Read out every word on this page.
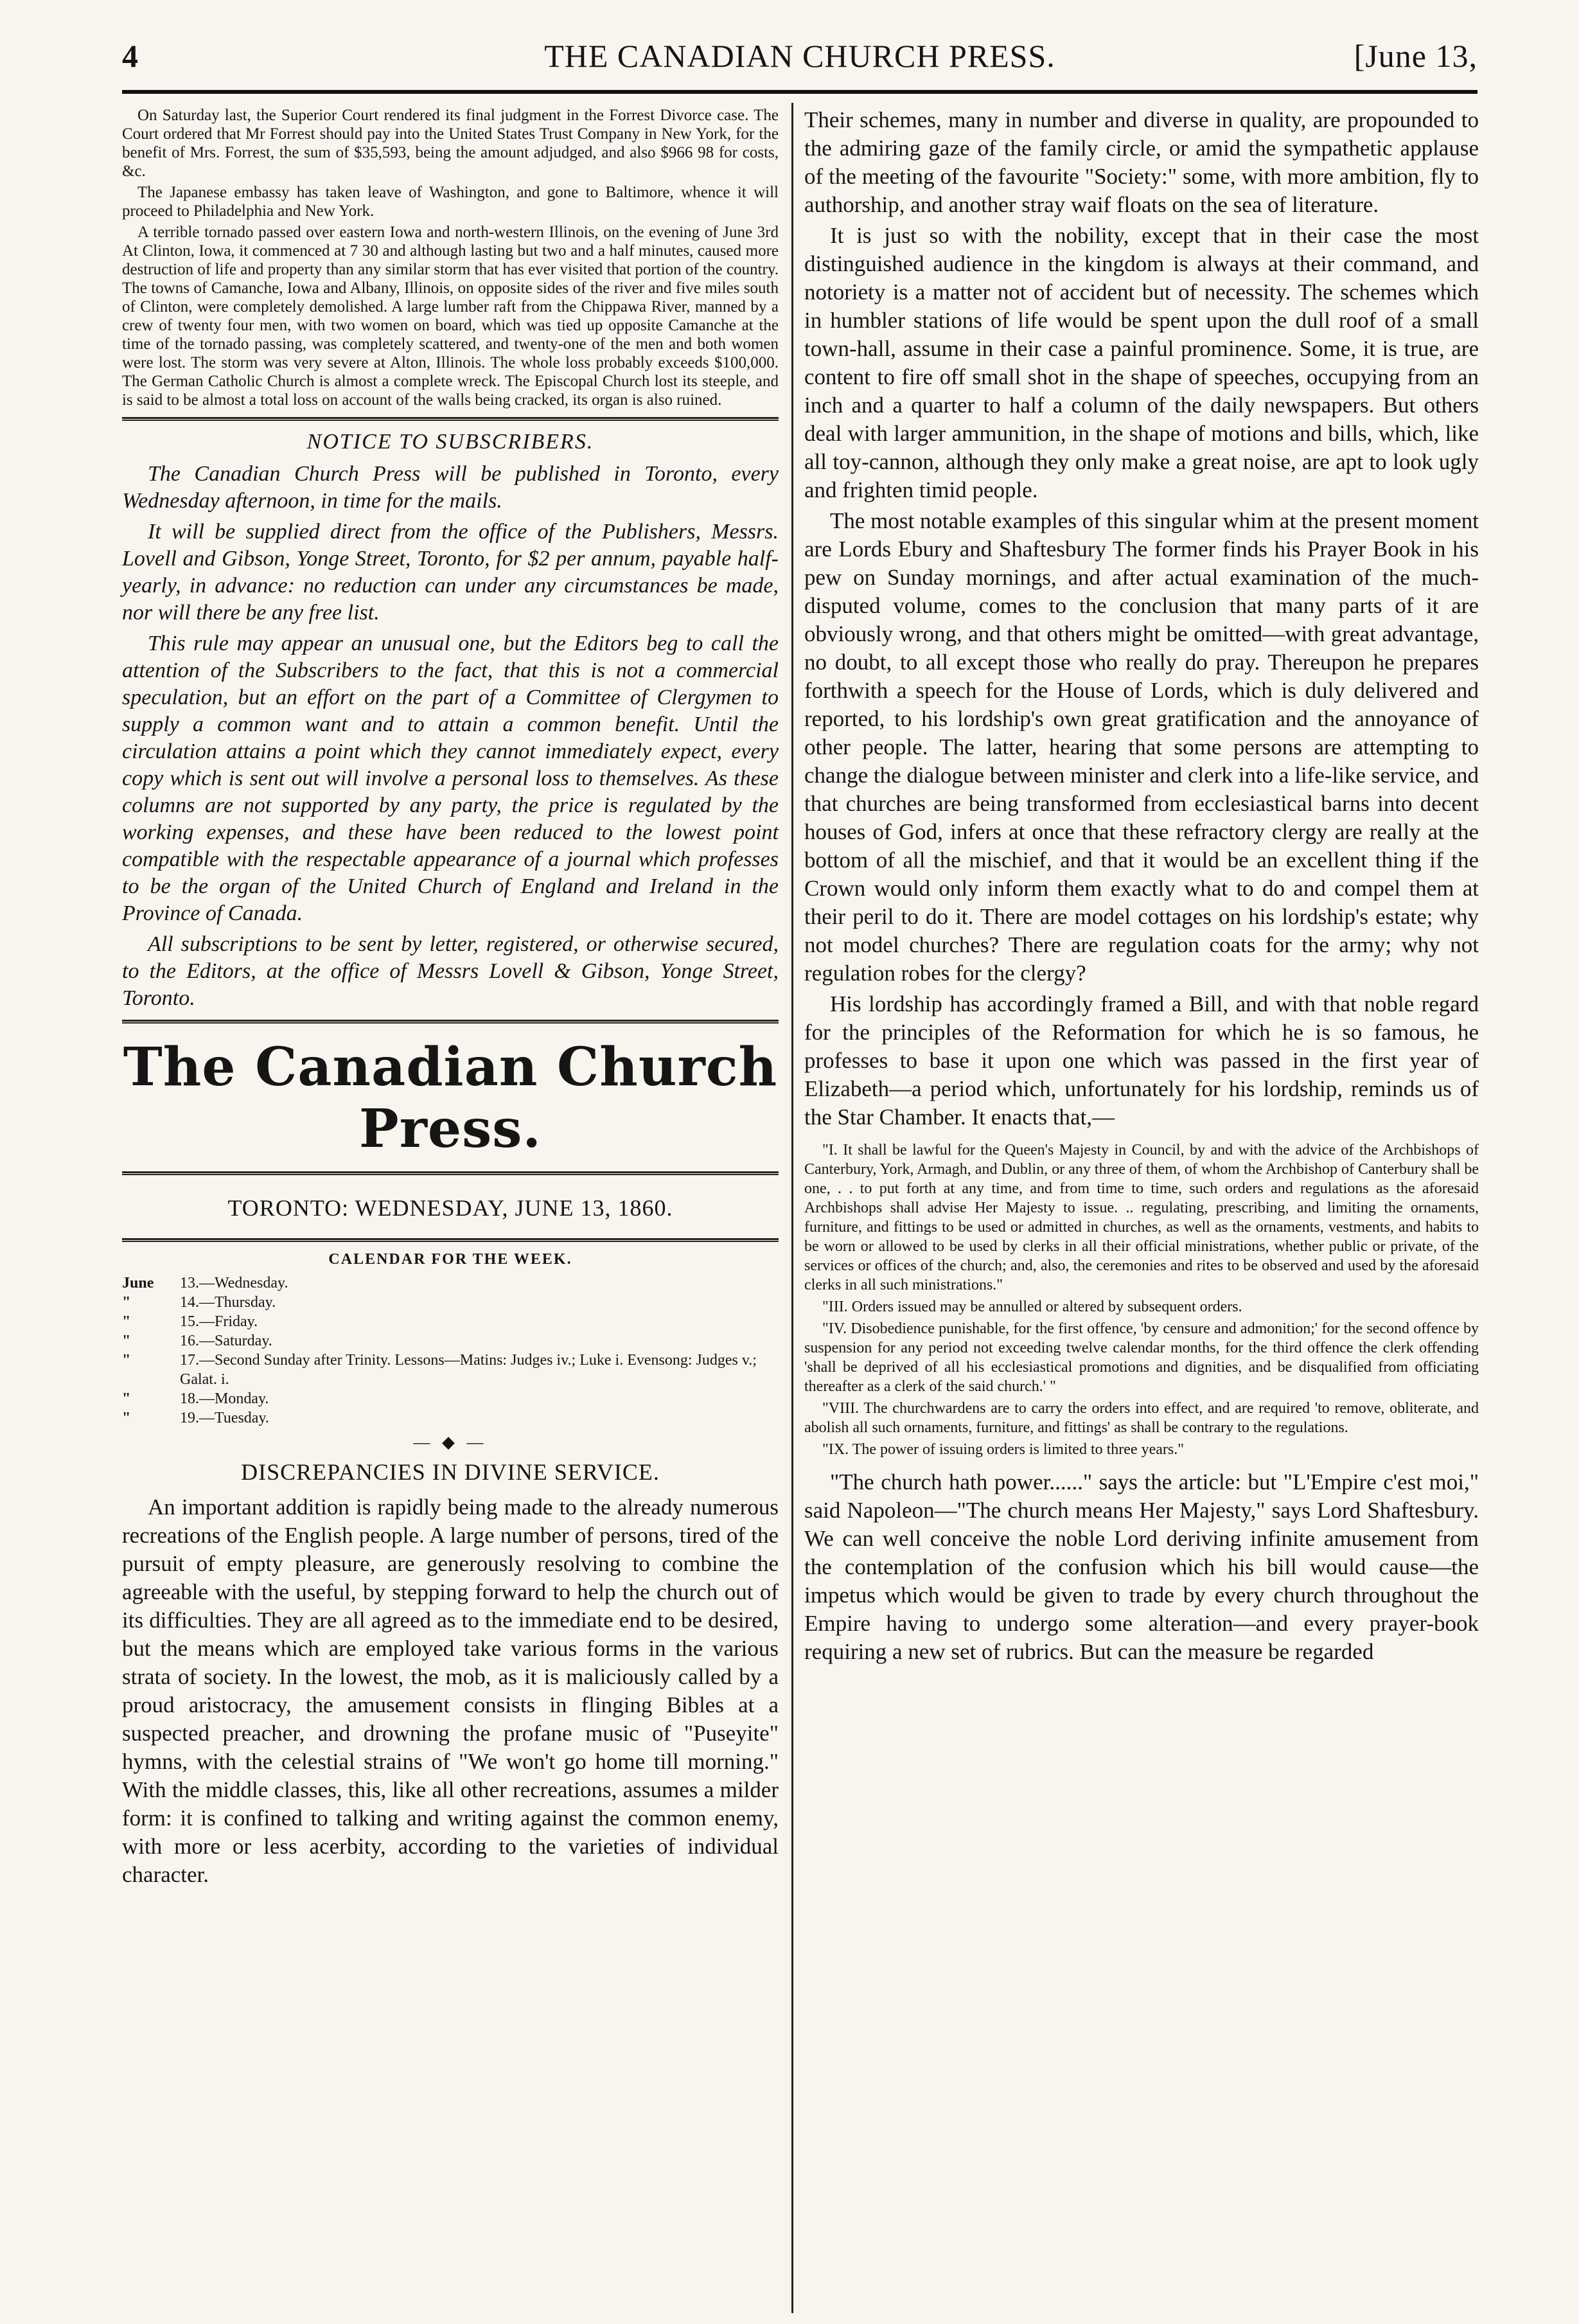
4	THE CANADIAN CHURCH PRESS.	[June 13,

On Saturday last, the Superior Court rendered its final judgment in the Forrest Divorce case. The Court ordered that Mr Forrest should pay into the United States Trust Company in New York, for the benefit of Mrs. Forrest, the sum of $35,593, being the amount adjudged, and also $966 98 for costs, &c.

The Japanese embassy has taken leave of Washington, and gone to Baltimore, whence it will proceed to Philadelphia and New York.

A terrible tornado passed over eastern Iowa and north-western Illinois, on the evening of June 3rd At Clinton, Iowa, it commenced at 7 30 and although lasting but two and a half minutes, caused more destruction of life and property than any similar storm that has ever visited that portion of the country. The towns of Camanche, Iowa and Albany, Illinois, on opposite sides of the river and five miles south of Clinton, were completely demolished. A large lumber raft from the Chippawa River, manned by a crew of twenty four men, with two women on board, which was tied up opposite Camanche at the time of the tornado passing, was completely scattered, and twenty-one of the men and both women were lost. The storm was very severe at Alton, Illinois. The whole loss probably exceeds $100,000. The German Catholic Church is almost a complete wreck. The Episcopal Church lost its steeple, and is said to be almost a total loss on account of the walls being cracked, its organ is also ruined.

NOTICE TO SUBSCRIBERS.

The Canadian Church Press will be published in Toronto, every Wednesday afternoon, in time for the mails.

It will be supplied direct from the office of the Publishers, Messrs. Lovell and Gibson, Yonge Street, Toronto, for $2 per annum, payable half-yearly, in advance: no reduction can under any circumstances be made, nor will there be any free list.

This rule may appear an unusual one, but the Editors beg to call the attention of the Subscribers to the fact, that this is not a commercial speculation, but an effort on the part of a Committee of Clergymen to supply a common want and to attain a common benefit. Until the circulation attains a point which they cannot immediately expect, every copy which is sent out will involve a personal loss to themselves. As these columns are not supported by any party, the price is regulated by the working expenses, and these have been reduced to the lowest point compatible with the respectable appearance of a journal which professes to be the organ of the United Church of England and Ireland in the Province of Canada.

All subscriptions to be sent by letter, registered, or otherwise secured, to the Editors, at the office of Messrs Lovell & Gibson, Yonge Street, Toronto.

The Canadian Church Press.
TORONTO: WEDNESDAY, JUNE 13, 1860.
CALENDAR FOR THE WEEK.
June	13.—Wednesday.
"	14.—Thursday.
"	15.—Friday.
"	16.—Saturday.
"	17.—Second Sunday after Trinity. Lessons—Matins: Judges iv.; Luke i. Evensong: Judges v.; Galat. i.
"	18.—Monday.
"	19.—Tuesday.
— ◆ —
DISCREPANCIES IN DIVINE SERVICE.

An important addition is rapidly being made to the already numerous recreations of the English people. A large number of persons, tired of the pursuit of empty pleasure, are generously resolving to combine the agreeable with the useful, by stepping forward to help the church out of its difficulties. They are all agreed as to the immediate end to be desired, but the means which are employed take various forms in the various strata of society. In the lowest, the mob, as it is maliciously called by a proud aristocracy, the amusement consists in flinging Bibles at a suspected preacher, and drowning the profane music of "Puseyite" hymns, with the celestial strains of "We won't go home till morning." With the middle classes, this, like all other recreations, assumes a milder form: it is confined to talking and writing against the common enemy, with more or less acerbity, according to the varieties of individual character.

Their schemes, many in number and diverse in quality, are propounded to the admiring gaze of the family circle, or amid the sympathetic applause of the meeting of the favourite "Society:" some, with more ambition, fly to authorship, and another stray waif floats on the sea of literature.

It is just so with the nobility, except that in their case the most distinguished audience in the kingdom is always at their command, and notoriety is a matter not of accident but of necessity. The schemes which in humbler stations of life would be spent upon the dull roof of a small town-hall, assume in their case a painful prominence. Some, it is true, are content to fire off small shot in the shape of speeches, occupying from an inch and a quarter to half a column of the daily newspapers. But others deal with larger ammunition, in the shape of motions and bills, which, like all toy-cannon, although they only make a great noise, are apt to look ugly and frighten timid people.

The most notable examples of this singular whim at the present moment are Lords Ebury and Shaftesbury The former finds his Prayer Book in his pew on Sunday mornings, and after actual examination of the much-disputed volume, comes to the conclusion that many parts of it are obviously wrong, and that others might be omitted—with great advantage, no doubt, to all except those who really do pray. Thereupon he prepares forthwith a speech for the House of Lords, which is duly delivered and reported, to his lordship's own great gratification and the annoyance of other people. The latter, hearing that some persons are attempting to change the dialogue between minister and clerk into a life-like service, and that churches are being transformed from ecclesiastical barns into decent houses of God, infers at once that these refractory clergy are really at the bottom of all the mischief, and that it would be an excellent thing if the Crown would only inform them exactly what to do and compel them at their peril to do it. There are model cottages on his lordship's estate; why not model churches? There are regulation coats for the army; why not regulation robes for the clergy?

His lordship has accordingly framed a Bill, and with that noble regard for the principles of the Reformation for which he is so famous, he professes to base it upon one which was passed in the first year of Elizabeth—a period which, unfortunately for his lordship, reminds us of the Star Chamber. It enacts that,—

"I. It shall be lawful for the Queen's Majesty in Council, by and with the advice of the Archbishops of Canterbury, York, Armagh, and Dublin, or any three of them, of whom the Archbishop of Canterbury shall be one, . . to put forth at any time, and from time to time, such orders and regulations as the aforesaid Archbishops shall advise Her Majesty to issue. .. regulating, prescribing, and limiting the ornaments, furniture, and fittings to be used or admitted in churches, as well as the ornaments, vestments, and habits to be worn or allowed to be used by clerks in all their official ministrations, whether public or private, of the services or offices of the church; and, also, the ceremonies and rites to be observed and used by the aforesaid clerks in all such ministrations."

"III. Orders issued may be annulled or altered by subsequent orders.

"IV. Disobedience punishable, for the first offence, 'by censure and admonition;' for the second offence by suspension for any period not exceeding twelve calendar months, for the third offence the clerk offending 'shall be deprived of all his ecclesiastical promotions and dignities, and be disqualified from officiating thereafter as a clerk of the said church.' "

"VIII. The churchwardens are to carry the orders into effect, and are required 'to remove, obliterate, and abolish all such ornaments, furniture, and fittings' as shall be contrary to the regulations.

"IX. The power of issuing orders is limited to three years."

"The church hath power......" says the article: but "L'Empire c'est moi," said Napoleon—"The church means Her Majesty," says Lord Shaftesbury. We can well conceive the noble Lord deriving infinite amusement from the contemplation of the confusion which his bill would cause—the impetus which would be given to trade by every church throughout the Empire having to undergo some alteration—and every prayer-book requiring a new set of rubrics. But can the measure be regarded
